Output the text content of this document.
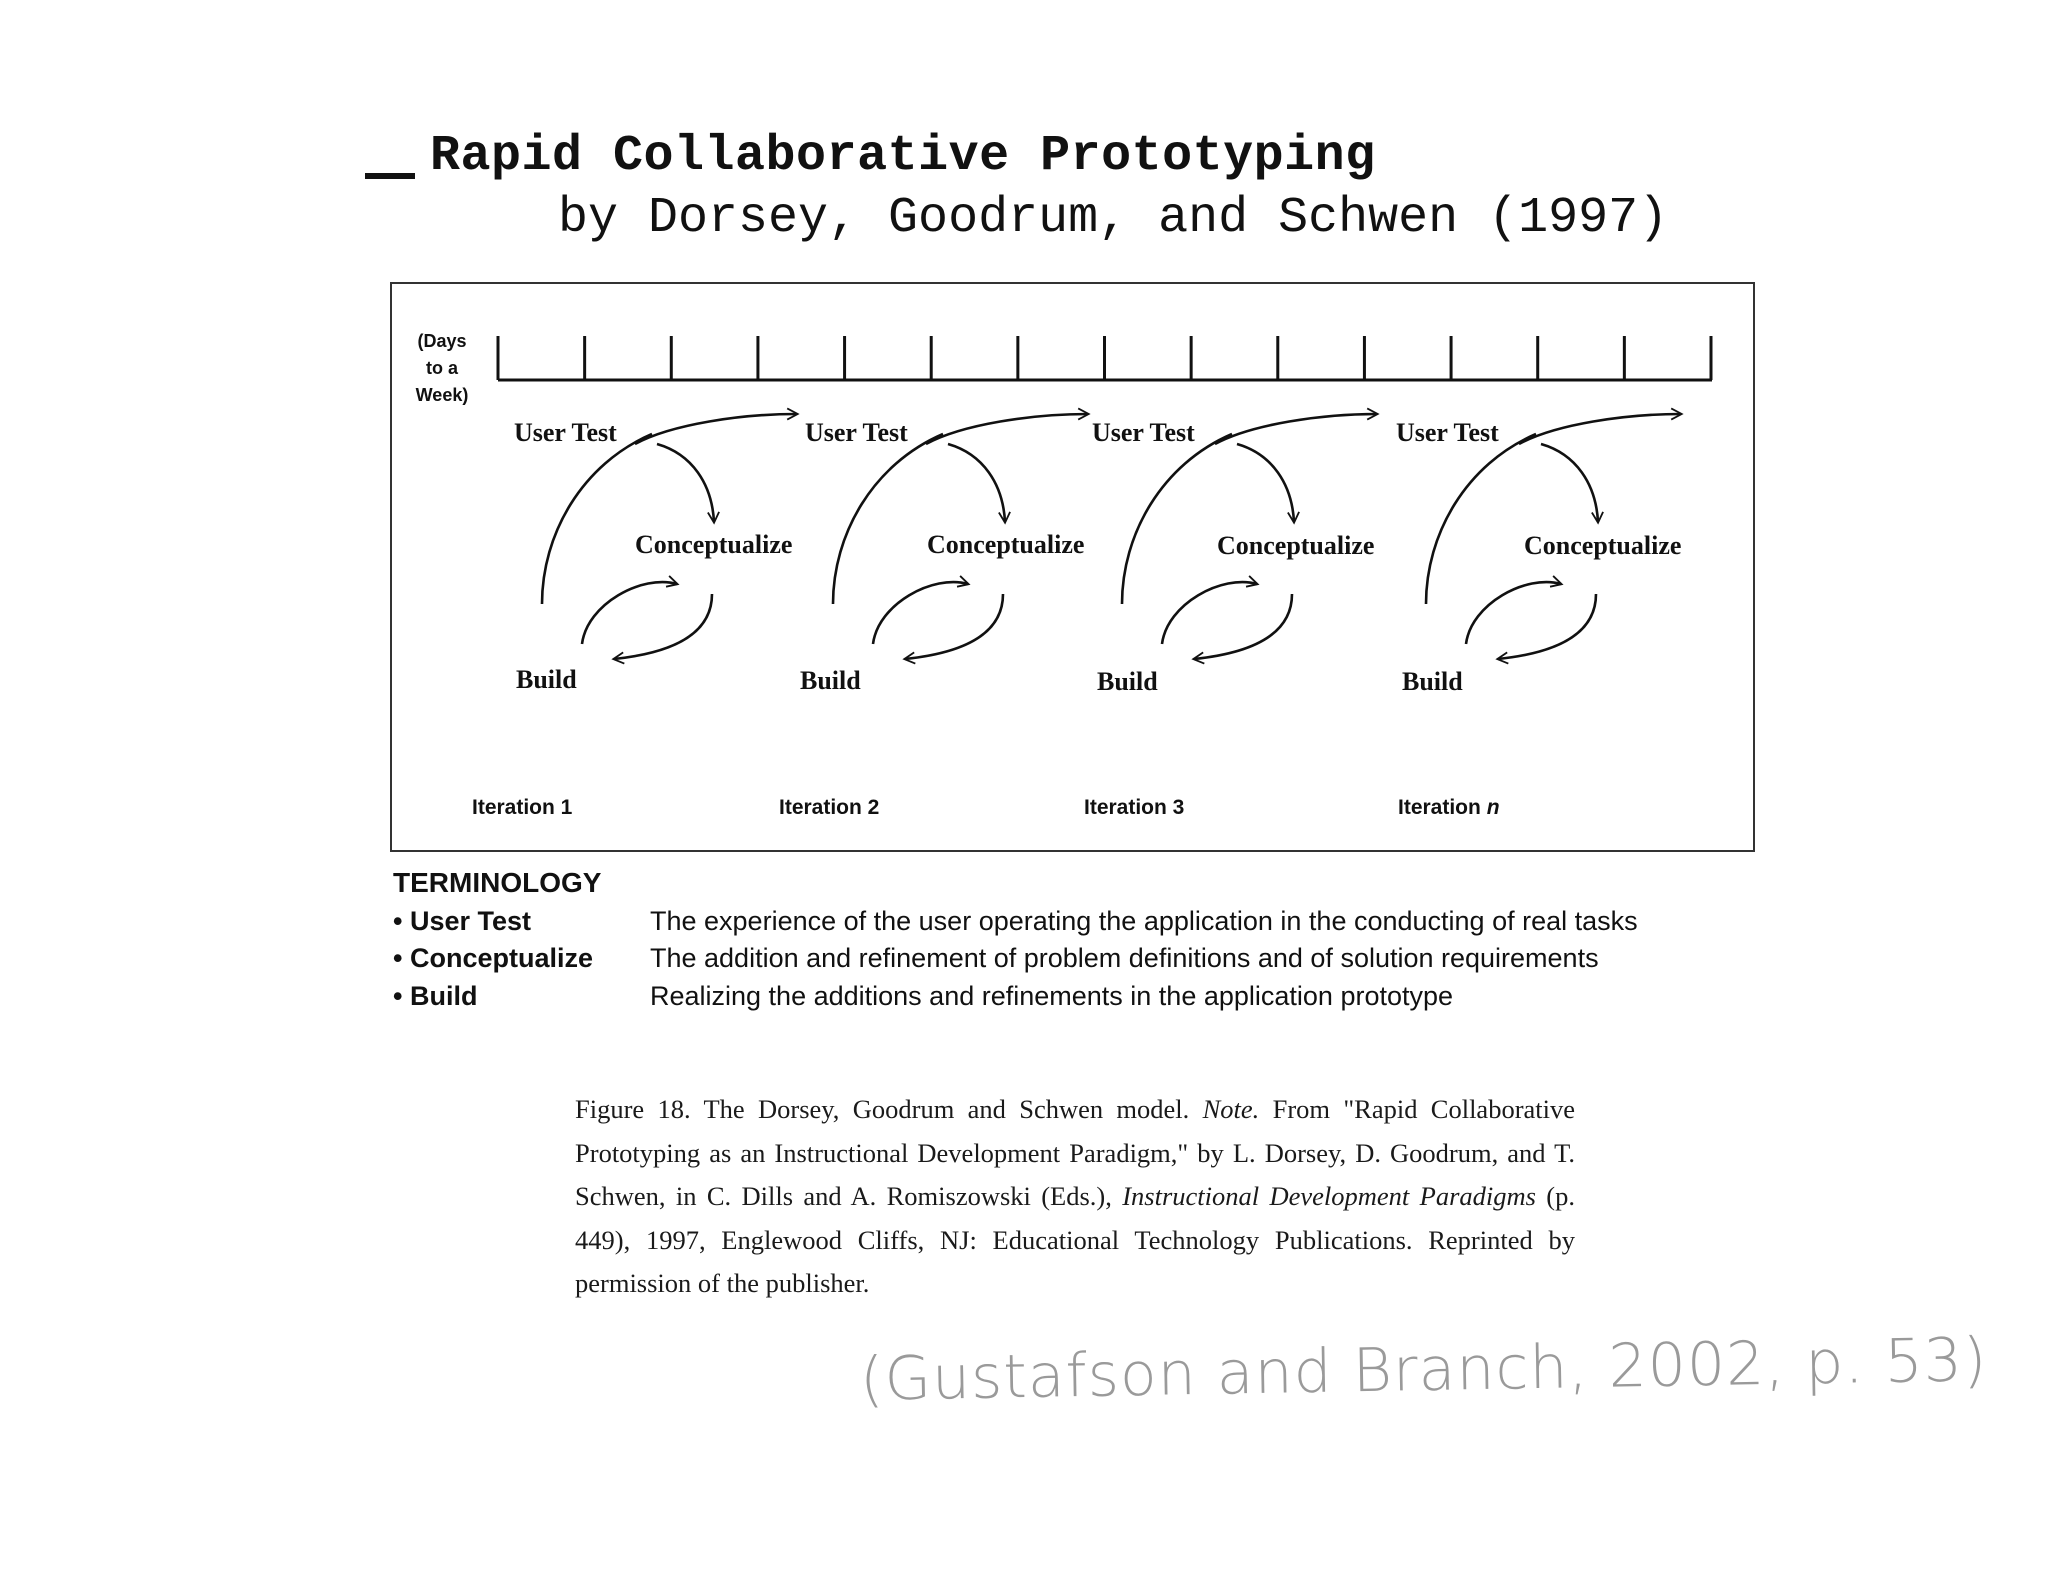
Rapid Collaborative Prototyping
by Dorsey, Goodrum, and Schwen (1997)
(Days
to a
Week)
User Test
Conceptualize
Build
Iteration 1
User Test
Conceptualize
Build
Iteration 2
User Test
Conceptualize
Build
Iteration 3
User Test
Conceptualize
Build
Iteration n
TERMINOLOGY
• User Test	The experience of the user operating the application in the conducting of real tasks
• Conceptualize The addition and refinement of problem definitions and of solution requirements
• Build	Realizing the additions and refinements in the application prototype
Figure 18. The Dorsey, Goodrum and Schwen model. Note. From "Rapid Collaborative Prototyping as an Instructional Development Paradigm," by L. Dorsey, D. Goodrum, and T. Schwen, in C. Dills and A. Romiszowski (Eds.), Instructional Development Paradigms (p. 449), 1997, Englewood Cliffs, NJ: Educational Technology Publications. Reprinted by permission of the publisher.
(Gustafson and Branch, 2002, p. 53)
